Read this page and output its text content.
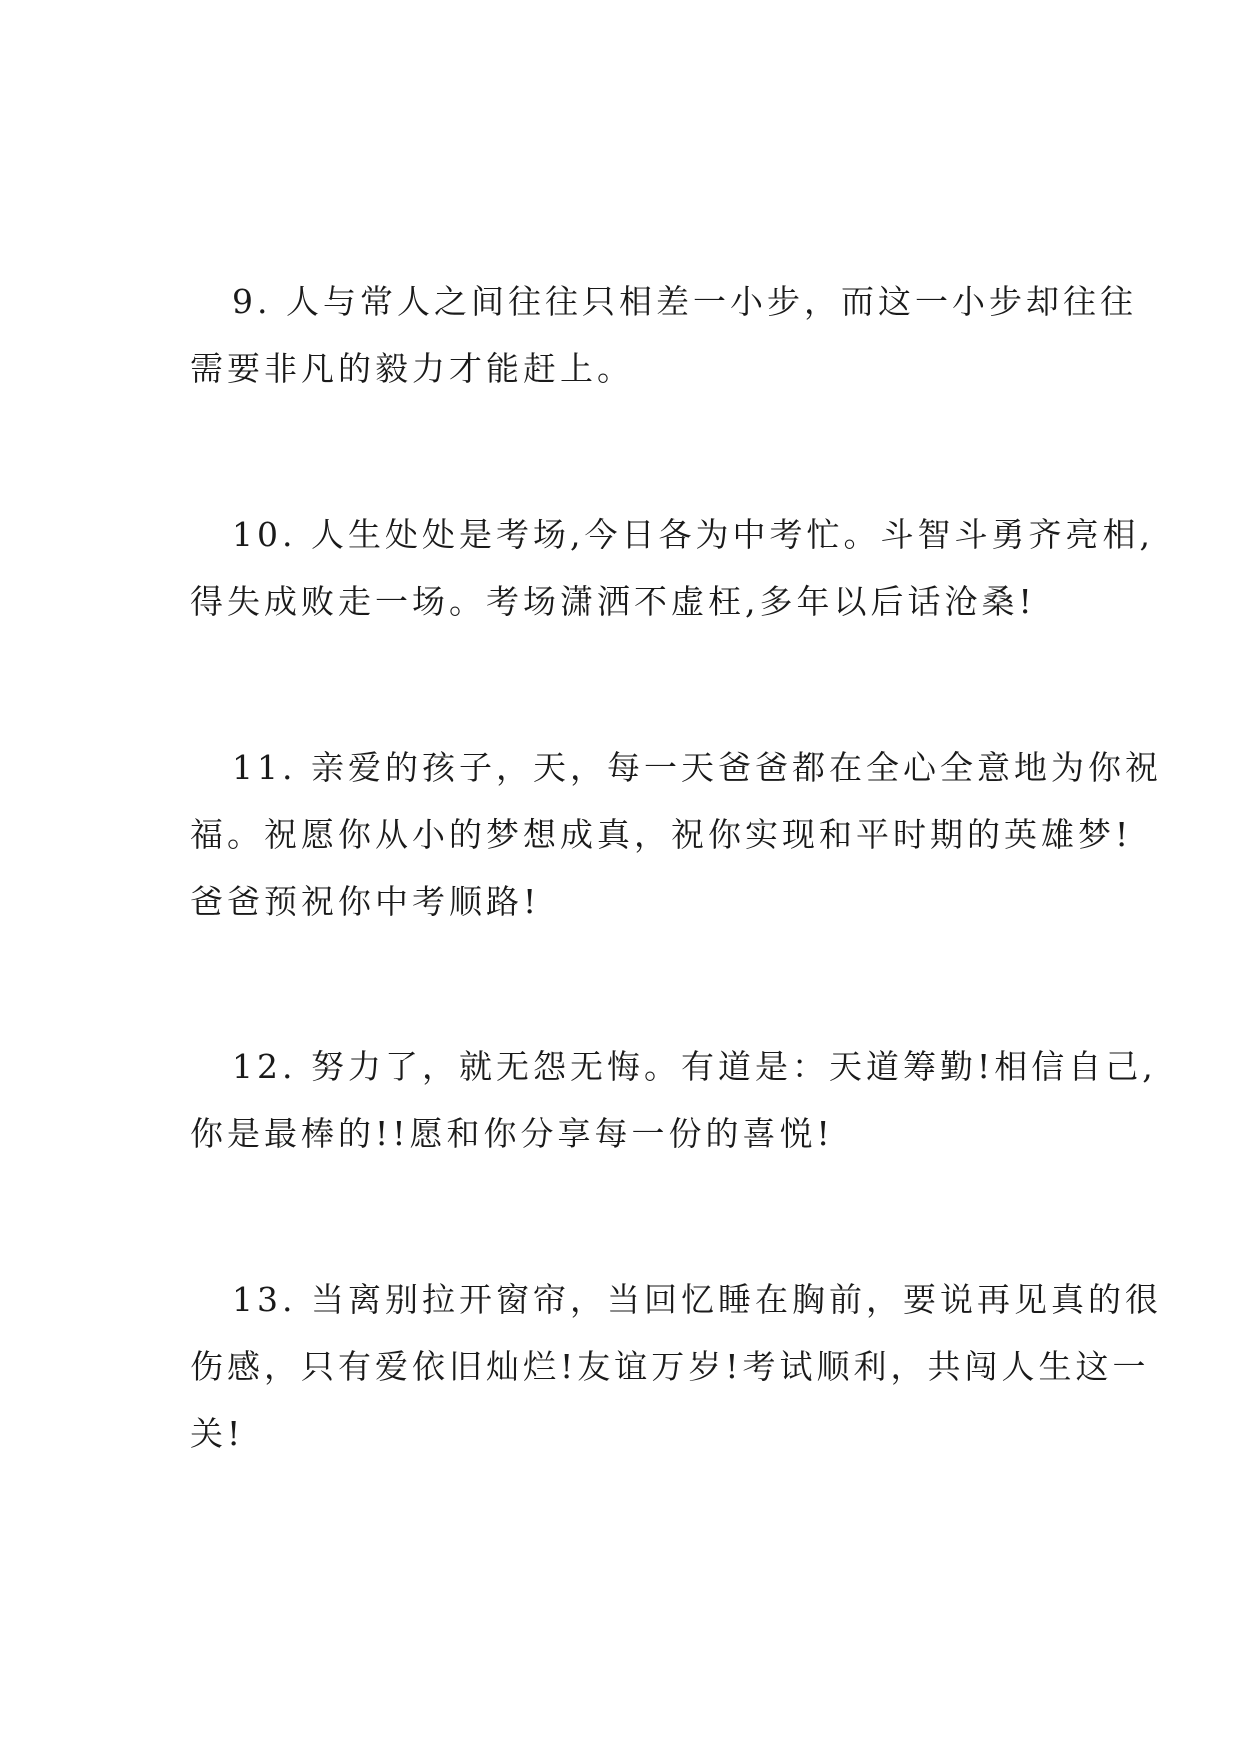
9. 人与常人之间往往只相差一小步，而这一小步却往往
需要非凡的毅力才能赶上。

10. 人生处处是考场,今日各为中考忙。斗智斗勇齐亮相,
得失成败走一场。考场潇洒不虚枉,多年以后话沧桑!

11. 亲爱的孩子，天，每一天爸爸都在全心全意地为你祝
福。祝愿你从小的梦想成真，祝你实现和平时期的英雄梦!
爸爸预祝你中考顺路!

12. 努力了，就无怨无悔。有道是：天道筹勤!相信自己,
你是最棒的!!愿和你分享每一份的喜悦!

13. 当离别拉开窗帘，当回忆睡在胸前，要说再见真的很
伤感，只有爱依旧灿烂!友谊万岁!考试顺利，共闯人生这一
关!
